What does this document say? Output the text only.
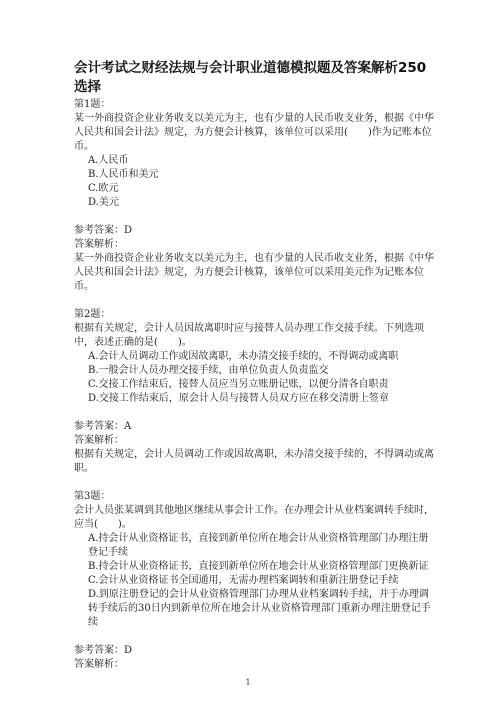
会计考试之财经法规与会计职业道德模拟题及答案解析250
选择

第1题：

某一外商投资企业业务收支以美元为主，也有少量的人民币收支业务，根据《中华人民共和国会计法》规定，为方便会计核算，该单位可以采用(　　)作为记账本位币。

A.人民币

B.人民币和美元

C.欧元

D.美元

参考答案：D

答案解析：

某一外商投资企业业务收支以美元为主，也有少量的人民币收支业务，根据《中华人民共和国会计法》规定，为方便会计核算，该单位可以采用美元作为记账本位币。

第2题：

根据有关规定，会计人员因故离职时应与接替人员办理工作交接手续。下列选项中，表述正确的是(　　)。

A.会计人员调动工作或因故离职，未办清交接手续的，不得调动或离职

B.一般会计人员办理交接手续，由单位负责人负责监交

C.交接工作结束后，接替人员应当另立账册记账，以便分清各自职责

D.交接工作结束后，原会计人员与接替人员双方应在移交清册上签章

参考答案：A

答案解析：

根据有关规定，会计人员调动工作或因故离职，未办清交接手续的，不得调动或离职。

第3题：

会计人员张某调到其他地区继续从事会计工作。在办理会计从业档案调转手续时，应当(　　)。

A.持会计从业资格证书，直接到新单位所在地会计从业资格管理部门办理注册登记手续

B.持会计从业资格证书，直接到新单位所在地会计从业资格管理部门更换新证

C.会计从业资格证书全国通用，无需办理档案调转和重新注册登记手续

D.到原注册登记的会计从业资格管理部门办理从业档案调转手续，并于办理调转手续后的30日内到新单位所在地会计从业资格管理部门重新办理注册登记手续

参考答案：D

答案解析：

1
